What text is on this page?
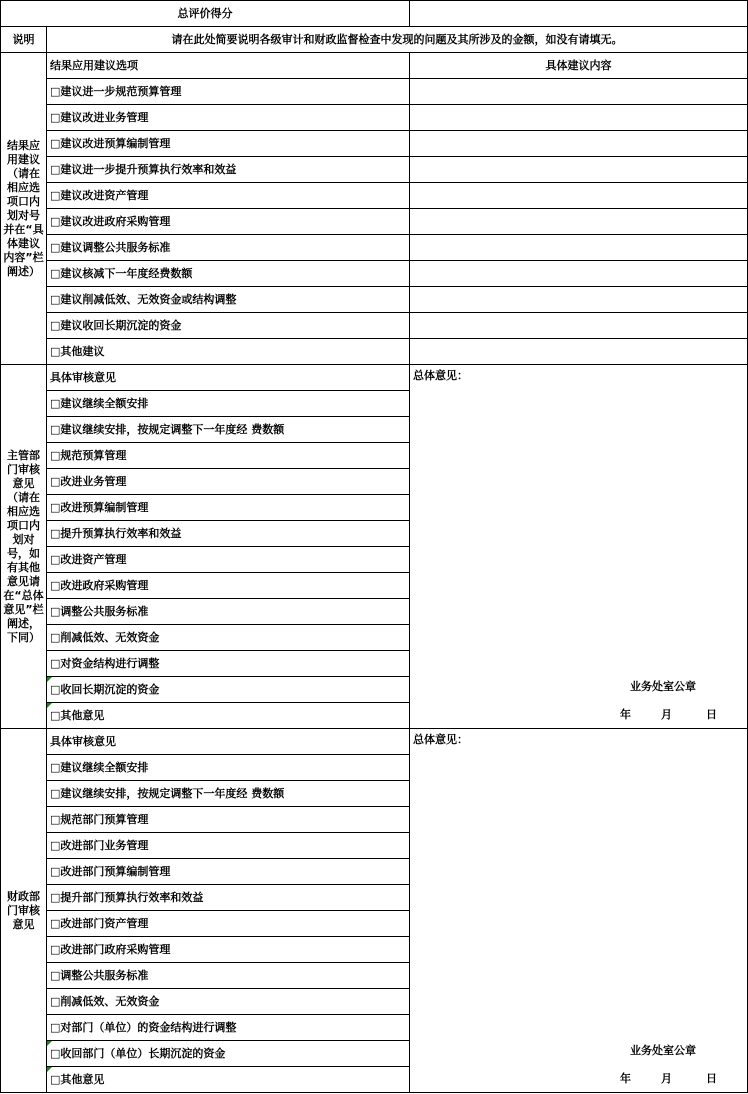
总评价得分		
说明	请在此处简要说明各级审计和财政监督检查中发现的问题及其所涉及的金额，如没有请填无。	
结果应用建议（请在相应选项口内划对号并在“具体建议内容”栏阐述）	结果应用建议选项	具体建议内容
	□建议进一步规范预算管理	
	□建议改进业务管理	
	□建议改进预算编制管理	
	□建议进一步提升预算执行效率和效益	
	□建议改进资产管理	
	□建议改进政府采购管理	
	□建议调整公共服务标准	
	□建议核减下一年度经费数额	
	□建议削减低效、无效资金或结构调整	
	□建议收回长期沉淀的资金	
	□其他建议	
主管部门审核意见（请在相应选项口内划对号，如有其他意见请在“总体意见”栏阐述，下同）	具体审核意见	总体意见：
业务处室公章
年 月 日

	□建议继续全额安排	
	□建议继续安排，按规定调整下一年度经 费数额	
	□规范预算管理	
	□改进业务管理	
	□改进预算编制管理	
	□提升预算执行效率和效益	
	□改进资产管理	
	□改进政府采购管理	
	□调整公共服务标准	
	□削减低效、无效资金	
	□对资金结构进行调整	
	□收回长期沉淀的资金	

	□其他意见	

财政部门审核意见	具体审核意见	总体意见：
业务处室公章
年 月 日

	□建议继续全额安排	
	□建议继续安排，按规定调整下一年度经 费数额	
	□规范部门预算管理	
	□改进部门业务管理	
	□改进部门预算编制管理	
	□提升部门预算执行效率和效益	
	□改进部门资产管理	
	□改进部门政府采购管理	
	□调整公共服务标准	
	□削减低效、无效资金	
	□对部门（单位）的资金结构进行调整	
	□收回部门（单位）长期沉淀的资金	

	□其他意见	
